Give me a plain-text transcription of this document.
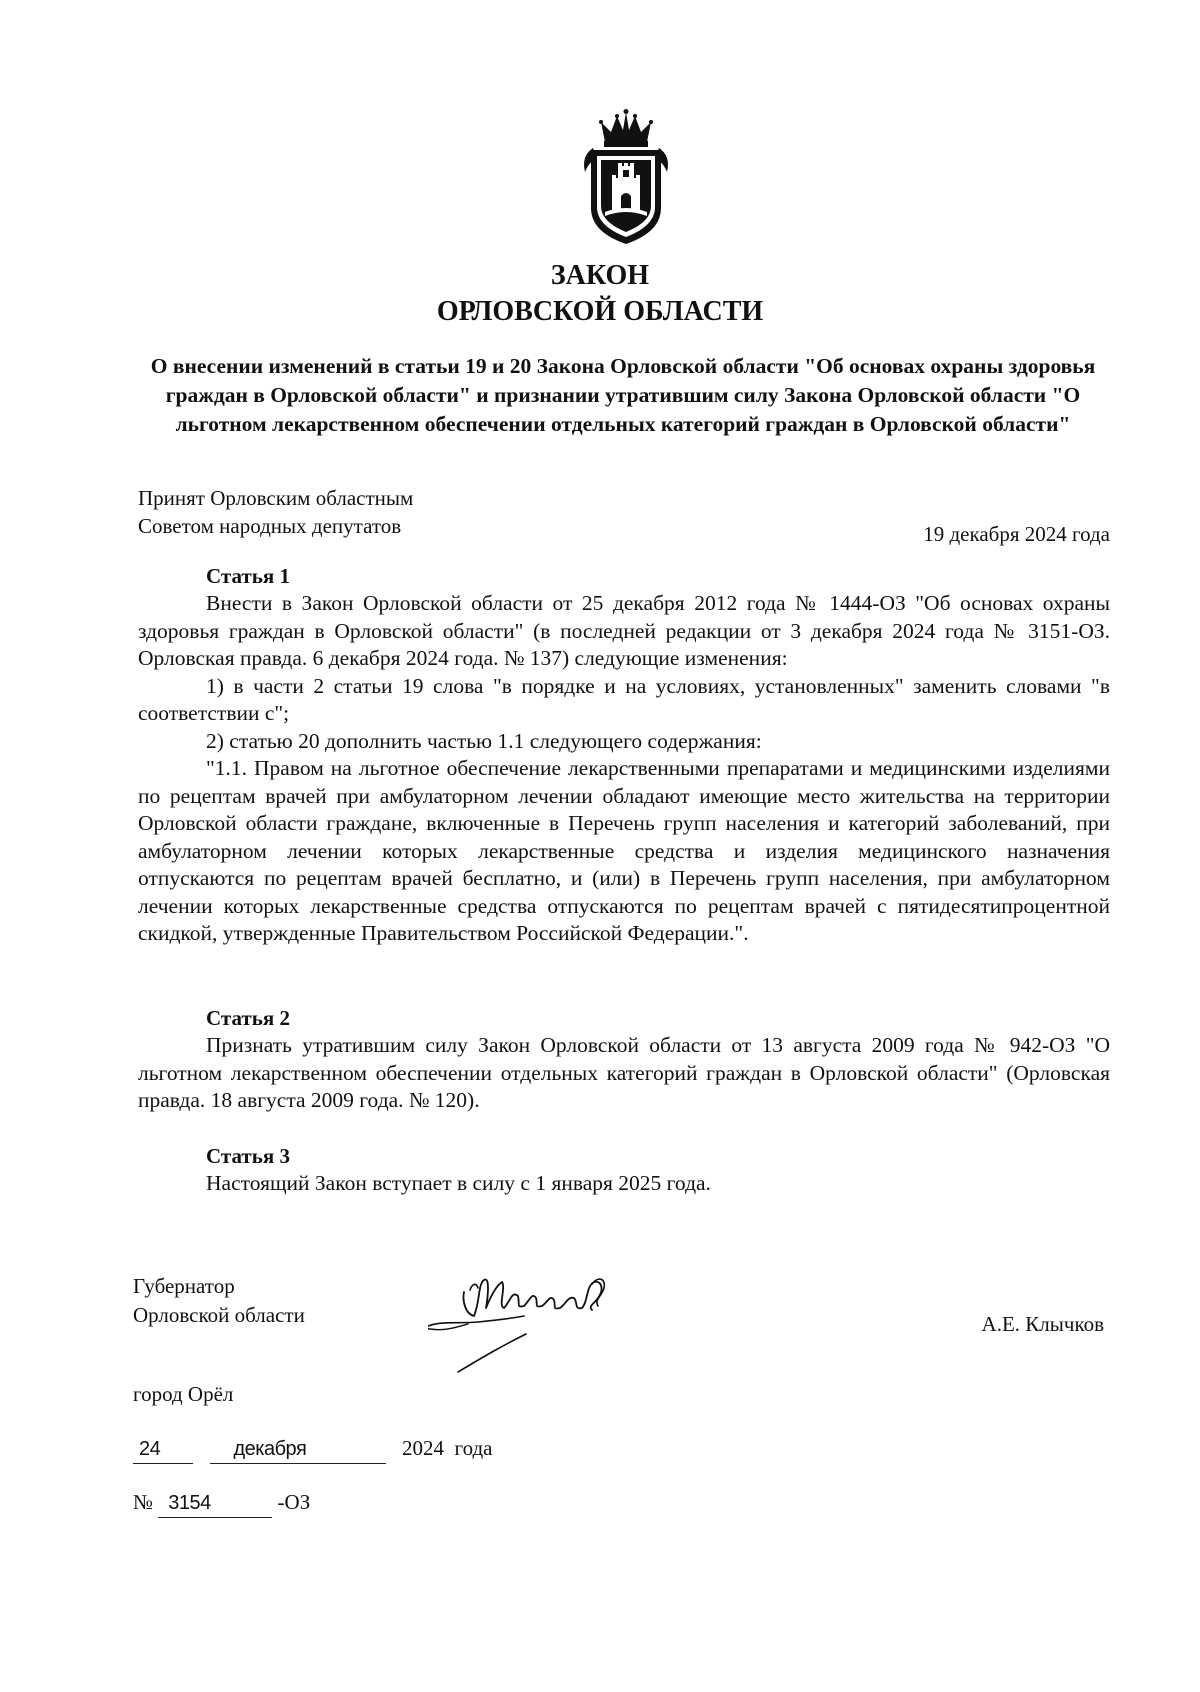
ЗАКОН
ОРЛОВСКОЙ ОБЛАСТИ
О внесении изменений в статьи 19 и 20 Закона Орловской области "Об основах охраны здоровья граждан в Орловской области" и признании утратившим силу Закона Орловской области "О льготном лекарственном обеспечении отдельных категорий граждан в Орловской области"
Принят Орловским областным
Советом народных депутатов	19 декабря 2024 года
Статья 1

Внести в Закон Орловской области от 25 декабря 2012 года № 1444-ОЗ "Об основах охраны здоровья граждан в Орловской области" (в последней редакции от 3 декабря 2024 года № 3151-ОЗ. Орловская правда. 6 декабря 2024 года. № 137) следующие изменения:

1) в части 2 статьи 19 слова "в порядке и на условиях, установленных" заменить словами "в соответствии с";

2) статью 20 дополнить частью 1.1 следующего содержания:

"1.1. Правом на льготное обеспечение лекарственными препаратами и медицинскими изделиями по рецептам врачей при амбулаторном лечении обладают имеющие место жительства на территории Орловской области граждане, включенные в Перечень групп населения и категорий заболеваний, при амбулаторном лечении которых лекарственные средства и изделия медицинского назначения отпускаются по рецептам врачей бесплатно, и (или) в Перечень групп населения, при амбулаторном лечении которых лекарственные средства отпускаются по рецептам врачей с пятидесятипроцентной скидкой, утвержденные Правительством Российской Федерации.".

Статья 2

Признать утратившим силу Закон Орловской области от 13 августа 2009 года № 942-ОЗ "О льготном лекарственном обеспечении отдельных категорий граждан в Орловской области" (Орловская правда. 18 августа 2009 года. № 120).

Статья 3

Настоящий Закон вступает в силу с 1 января 2025 года.

Губернатор
Орловской области	А.Е. Клычков
город Орёл
24	декабря	2024  года
№ 3154	-ОЗ
